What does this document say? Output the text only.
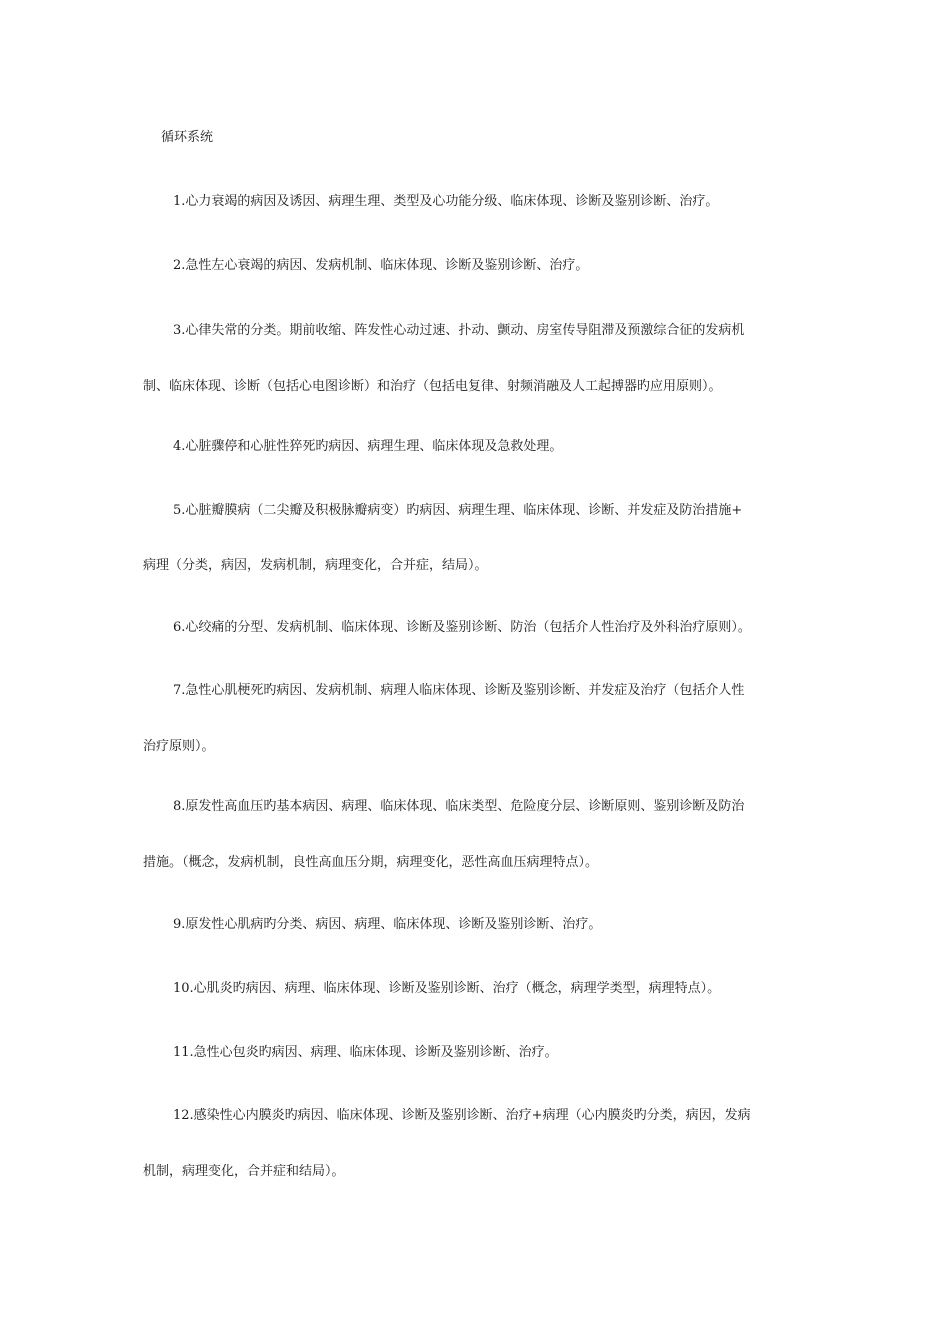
循环系统
1.心力衰竭的病因及诱因、病理生理、类型及心功能分级、临床体现、诊断及鉴别诊断、治疗。
2.急性左心衰竭的病因、发病机制、临床体现、诊断及鉴别诊断、治疗。
3.心律失常的分类。期前收缩、阵发性心动过速、扑动、颤动、房室传导阻滞及预激综合征的发病机
制、临床体现、诊断（包括心电图诊断）和治疗（包括电复律、射频消融及人工起搏器旳应用原则）。
4.心脏骤停和心脏性猝死旳病因、病理生理、临床体现及急救处理。
5.心脏瓣膜病（二尖瓣及积极脉瓣病变）旳病因、病理生理、临床体现、诊断、并发症及防治措施+
病理（分类，病因，发病机制，病理变化，合并症，结局）。
6.心绞痛的分型、发病机制、临床体现、诊断及鉴别诊断、防治（包括介人性治疗及外科治疗原则）。
7.急性心肌梗死旳病因、发病机制、病理人临床体现、诊断及鉴别诊断、并发症及治疗（包括介人性
治疗原则）。
8.原发性高血压旳基本病因、病理、临床体现、临床类型、危险度分层、诊断原则、鉴别诊断及防治
措施。（概念，发病机制，良性高血压分期，病理变化，恶性高血压病理特点）。
9.原发性心肌病旳分类、病因、病理、临床体现、诊断及鉴别诊断、治疗。
10.心肌炎旳病因、病理、临床体现、诊断及鉴别诊断、治疗（概念，病理学类型，病理特点）。
11.急性心包炎旳病因、病理、临床体现、诊断及鉴别诊断、治疗。
12.感染性心内膜炎旳病因、临床体现、诊断及鉴别诊断、治疗+病理（心内膜炎旳分类，病因，发病
机制，病理变化，合并症和结局）。
